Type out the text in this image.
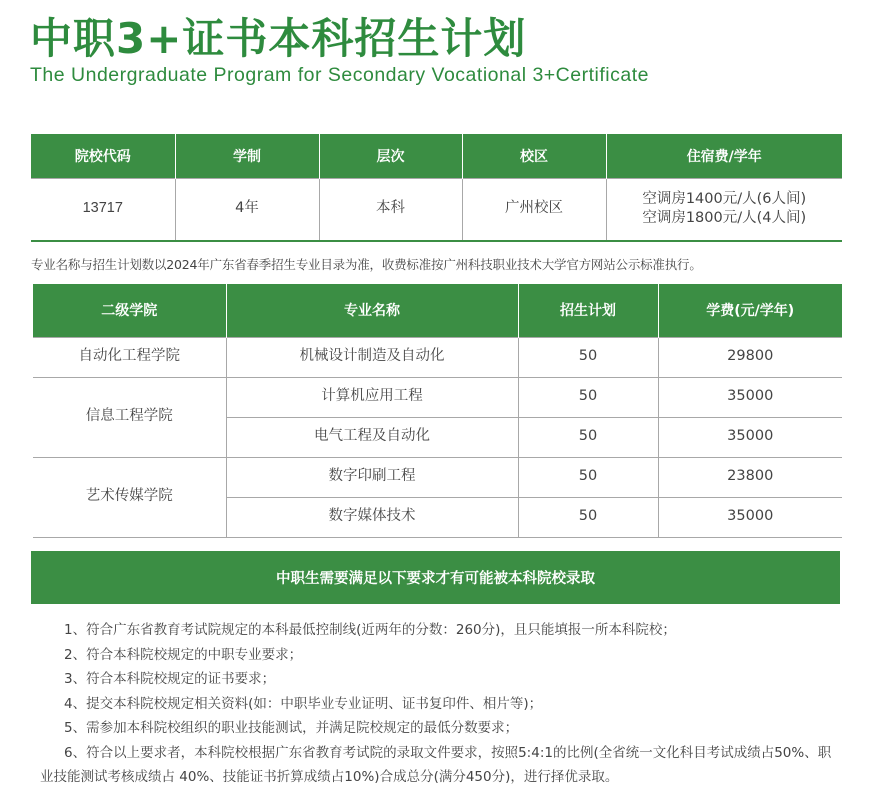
中职3+证书本科招生计划
The Undergraduate Program for Secondary Vocational 3+Certificate
院校代码	学制	层次	校区	住宿费/学年
13717	4年	本科	广州校区	空调房1400元/人(6人间)
空调房1800元/人(4人间)
专业名称与招生计划数以2024年广东省春季招生专业目录为准，收费标准按广州科技职业技术大学官方网站公示标准执行。
二级学院	专业名称	招生计划	学费(元/学年)
自动化工程学院	机械设计制造及自动化	50	29800
信息工程学院	计算机应用工程	50	35000
	电气工程及自动化	50	35000
艺术传媒学院	数字印刷工程	50	23800
	数字媒体技术	50	35000
中职生需要满足以下要求才有可能被本科院校录取
1、符合广东省教育考试院规定的本科最低控制线(近两年的分数：260分)，且只能填报一所本科院校；
2、符合本科院校规定的中职专业要求；
3、符合本科院校规定的证书要求；
4、提交本科院校规定相关资料(如：中职毕业专业证明、证书复印件、相片等)；
5、需参加本科院校组织的职业技能测试，并满足院校规定的最低分数要求；
6、符合以上要求者，本科院校根据广东省教育考试院的录取文件要求，按照5:4:1的比例(全省统一文化科目考试成绩占50%、职业技能测试考核成绩占 40%、技能证书折算成绩占10%)合成总分(满分450分)，进行择优录取。
